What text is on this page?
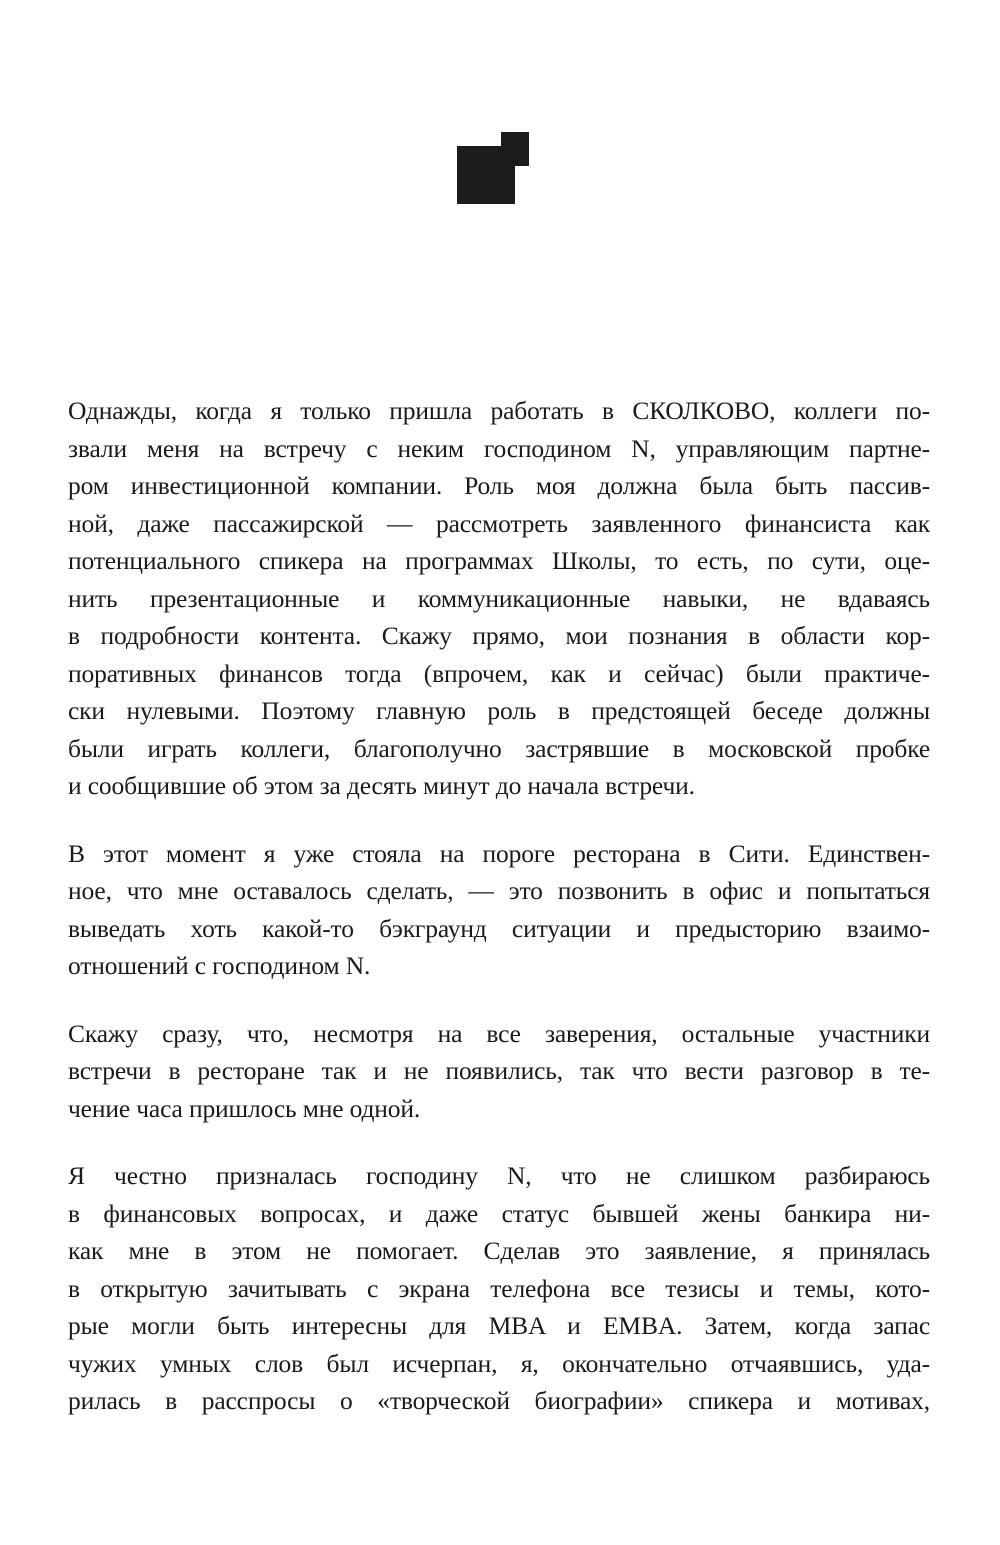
Однажды, когда я только пришла работать в СКОЛКОВО, коллеги по-
звали меня на встречу с неким господином N, управляющим партне-
ром инвестиционной компании. Роль моя должна была быть пассив-
ной, даже пассажирской — рассмотреть заявленного финансиста как
потенциального спикера на программах Школы, то есть, по сути, оце-
нить презентационные и коммуникационные навыки, не вдаваясь
в подробности контента. Скажу прямо, мои познания в области кор-
поративных финансов тогда (впрочем, как и сейчас) были практиче-
ски нулевыми. Поэтому главную роль в предстоящей беседе должны
были играть коллеги, благополучно застрявшие в московской пробке
и сообщившие об этом за десять минут до начала встречи.
В этот момент я уже стояла на пороге ресторана в Сити. Единствен-
ное, что мне оставалось сделать, — это позвонить в офис и попытаться
выведать хоть какой-то бэкграунд ситуации и предысторию взаимо-
отношений с господином N.
Скажу сразу, что, несмотря на все заверения, остальные участники
встречи в ресторане так и не появились, так что вести разговор в те-
чение часа пришлось мне одной.
Я честно призналась господину N, что не слишком разбираюсь
в финансовых вопросах, и даже статус бывшей жены банкира ни-
как мне в этом не помогает. Сделав это заявление, я принялась
в открытую зачитывать с экрана телефона все тезисы и темы, кото-
рые могли быть интересны для MBA и EMBA. Затем, когда запас
чужих умных слов был исчерпан, я, окончательно отчаявшись, уда-
рилась в расспросы о «творческой биографии» спикера и мотивах,
